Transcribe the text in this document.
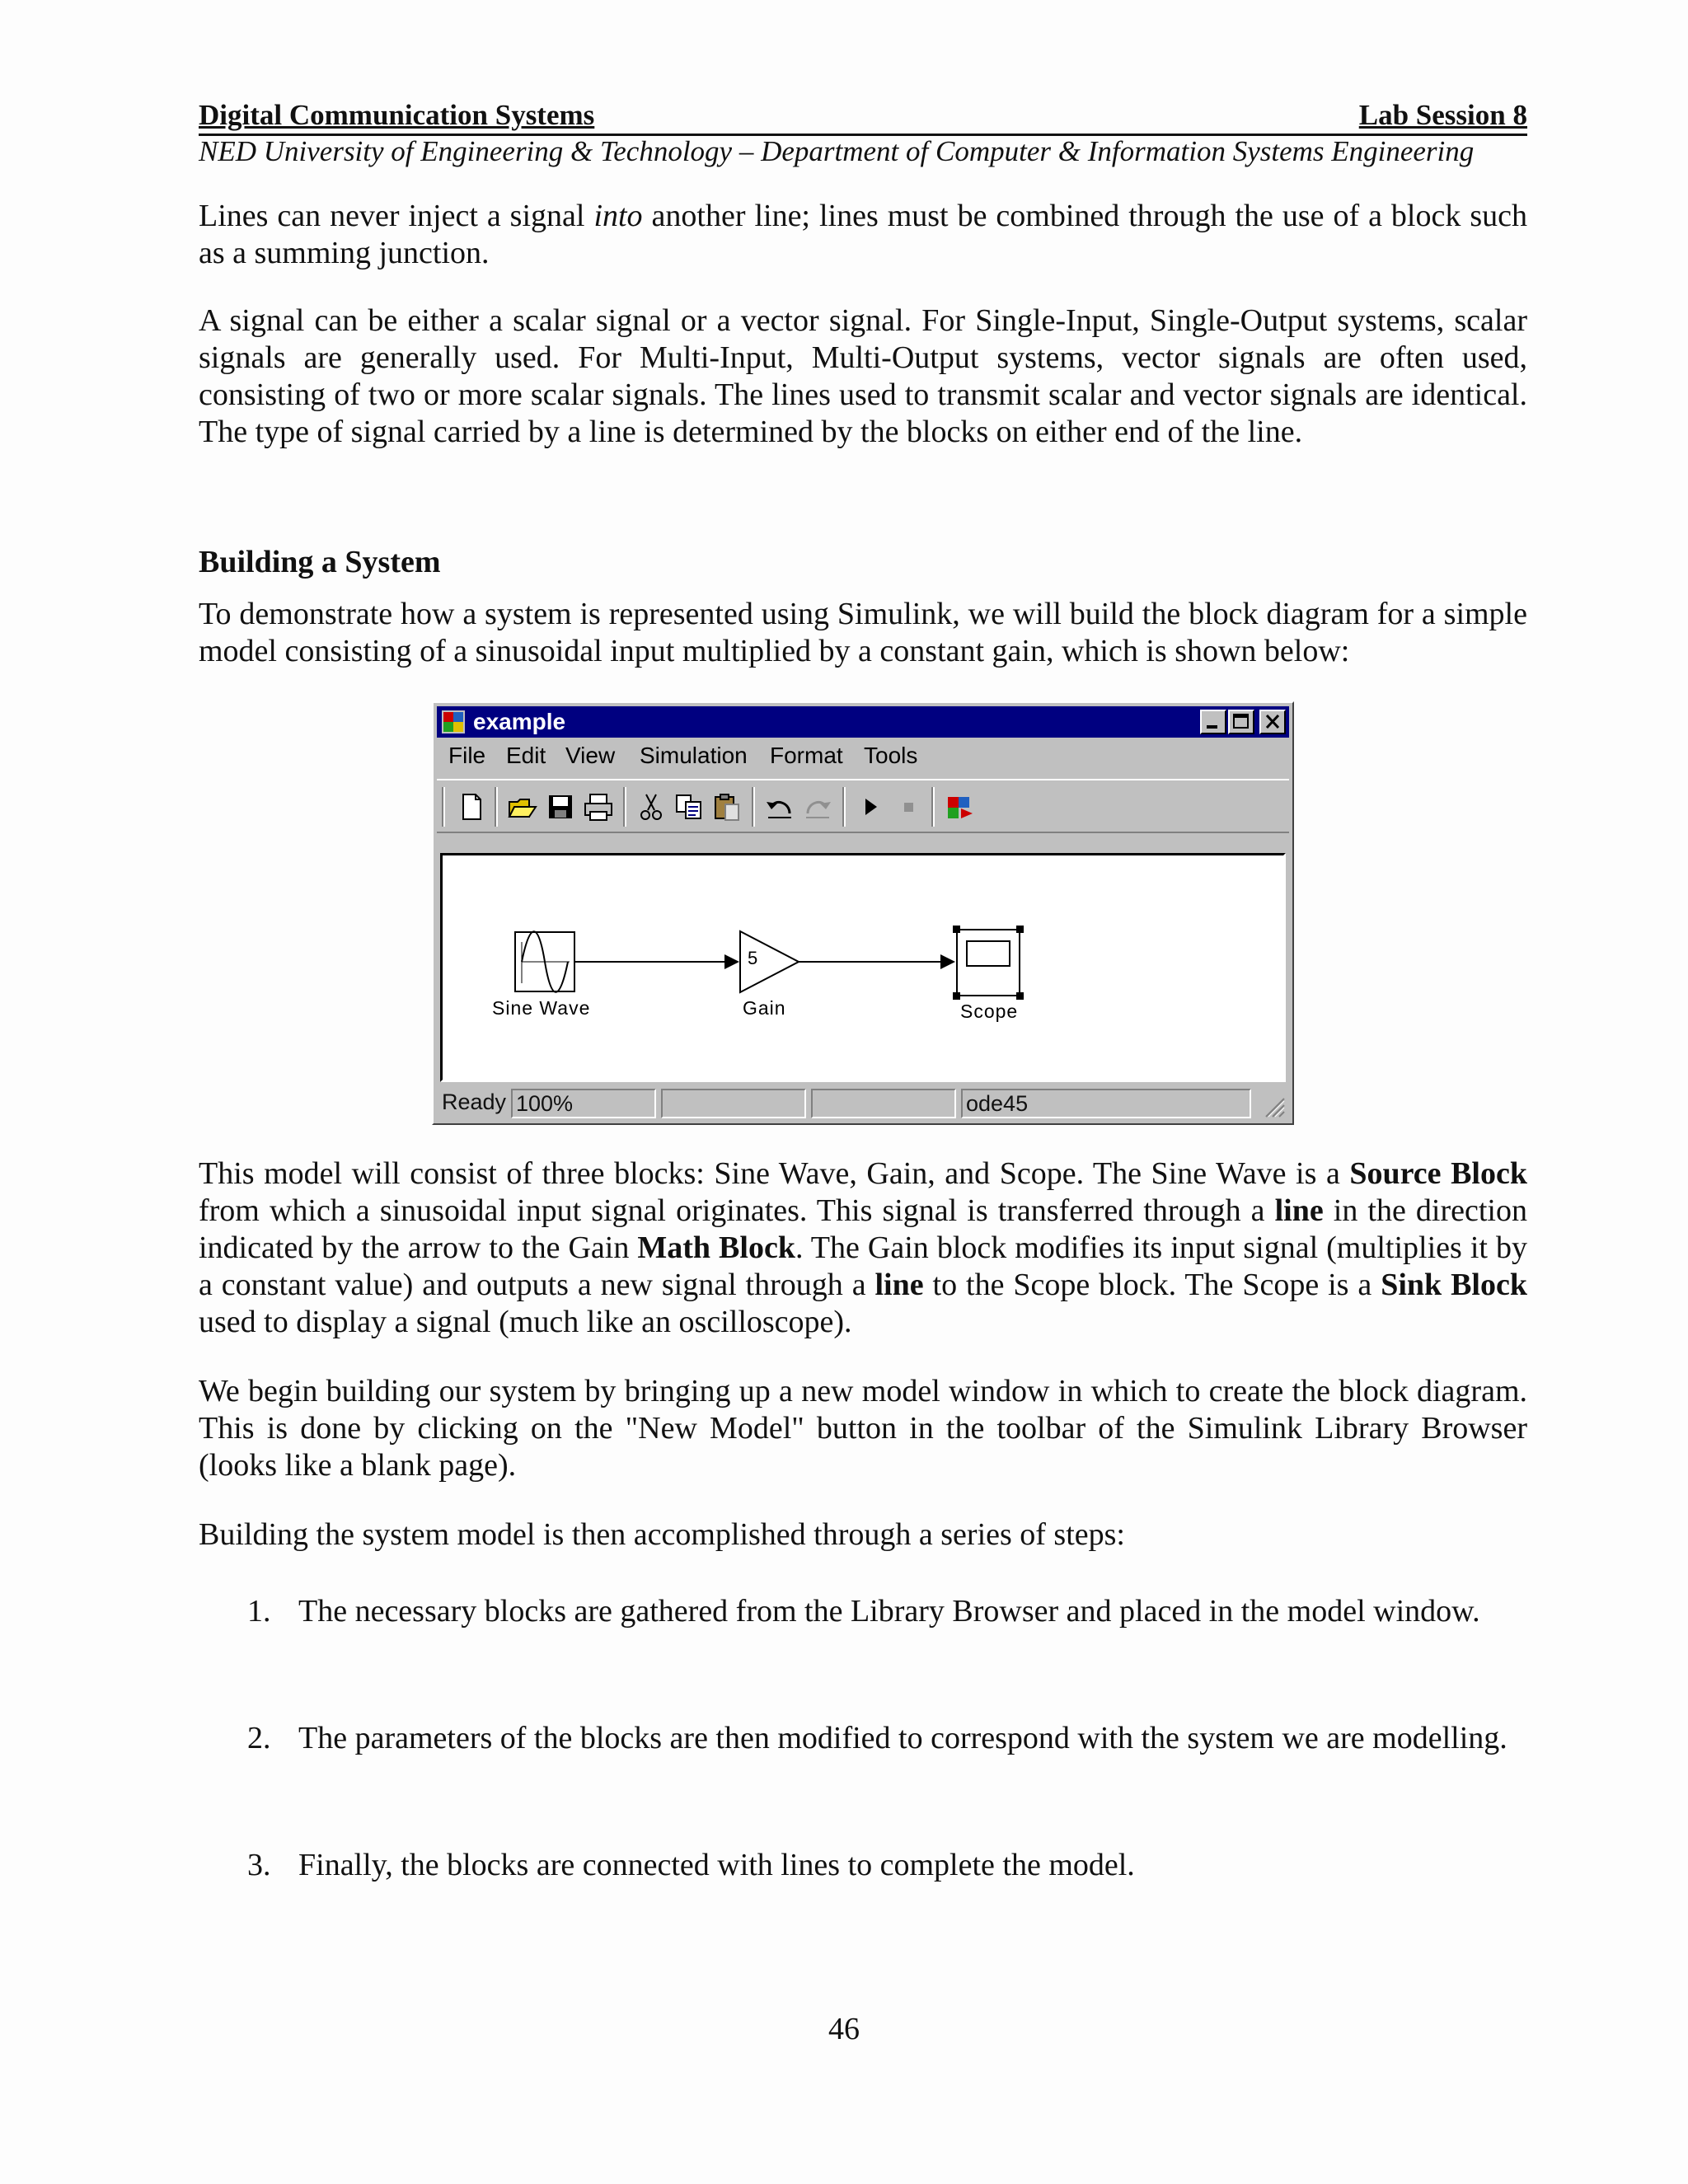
Digital Communication Systems	Lab Session 8
NED University of Engineering & Technology – Department of Computer & Information Systems Engineering
Lines can never inject a signal into another line; lines must be combined through the use of a block such as a summing junction.
A signal can be either a scalar signal or a vector signal. For Single-Input, Single-Output systems, scalar signals are generally used. For Multi-Input, Multi-Output systems, vector signals are often used, consisting of two or more scalar signals. The lines used to transmit scalar and vector signals are identical. The type of signal carried by a line is determined by the blocks on either end of the line.
Building a System
To demonstrate how a system is represented using Simulink, we will build the block diagram for a simple model consisting of a sinusoidal input multiplied by a constant gain, which is shown below:
example
File Edit View Simulation Format Tools
5
Sine Wave	Gain	Scope
Ready 100%	ode45
This model will consist of three blocks: Sine Wave, Gain, and Scope. The Sine Wave is a Source Block from which a sinusoidal input signal originates. This signal is transferred through a line in the direction indicated by the arrow to the Gain Math Block. The Gain block modifies its input signal (multiplies it by a constant value) and outputs a new signal through a line to the Scope block. The Scope is a Sink Block used to display a signal (much like an oscilloscope).
We begin building our system by bringing up a new model window in which to create the block diagram. This is done by clicking on the "New Model" button in the toolbar of the Simulink Library Browser (looks like a blank page).
Building the system model is then accomplished through a series of steps:
1. The necessary blocks are gathered from the Library Browser and placed in the model window.
2. The parameters of the blocks are then modified to correspond with the system we are modelling.
3. Finally, the blocks are connected with lines to complete the model.
46
